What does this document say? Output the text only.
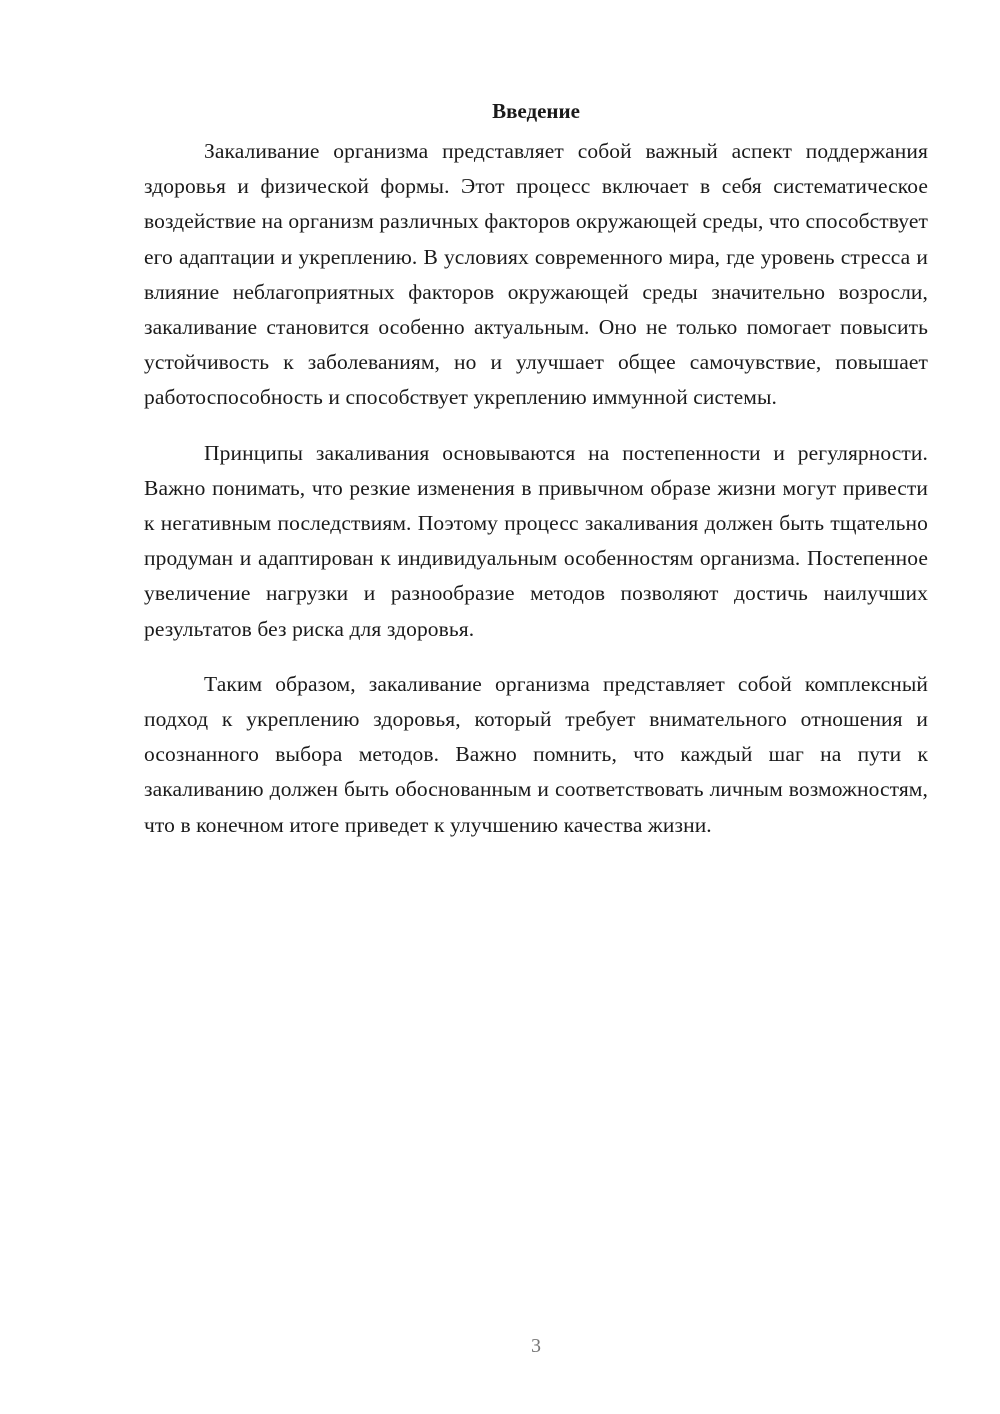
Введение

Закаливание организма представляет собой важный аспект поддержания здоровья и физической формы. Этот процесс включает в себя систематическое воздействие на организм различных факторов окружающей среды, что способствует его адаптации и укреплению. В условиях современного мира, где уровень стресса и влияние неблагоприятных факторов окружающей среды значительно возросли, закаливание становится особенно актуальным. Оно не только помогает повысить устойчивость к заболеваниям, но и улучшает общее самочувствие, повышает работоспособность и способствует укреплению иммунной системы.

Принципы закаливания основываются на постепенности и регулярности. Важно понимать, что резкие изменения в привычном образе жизни могут привести к негативным последствиям. Поэтому процесс закаливания должен быть тщательно продуман и адаптирован к индивидуальным особенностям организма. Постепенное увеличение нагрузки и разнообразие методов позволяют достичь наилучших результатов без риска для здоровья.

Таким образом, закаливание организма представляет собой комплексный подход к укреплению здоровья, который требует внимательного отношения и осознанного выбора методов. Важно помнить, что каждый шаг на пути к закаливанию должен быть обоснованным и соответствовать личным возможностям, что в конечном итоге приведет к улучшению качества жизни.

3
